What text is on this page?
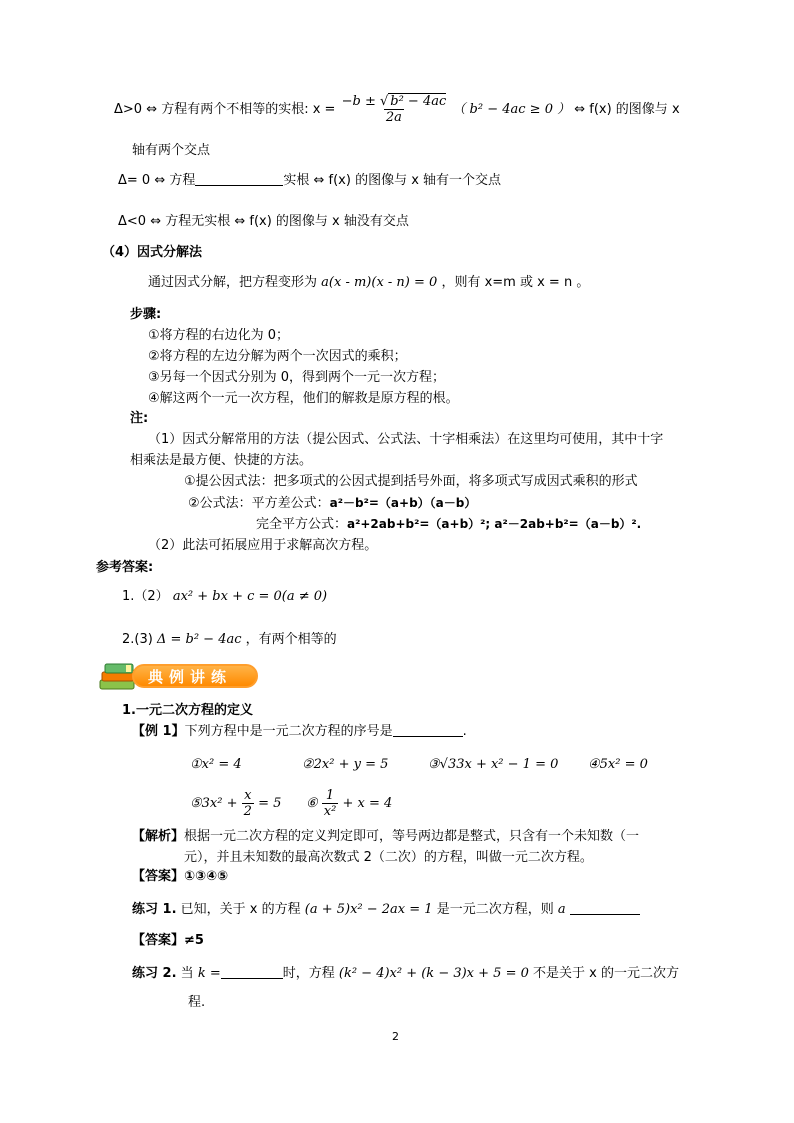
Δ>0 ⇔ 方程有两个不相等的实根: $x = \frac{\text{−b ± √ b² − 4ac}}{2a}$ （ b² − 4ac ≥ 0 ） ⇔ f(x) 的图像与 x
轴有两个交点
Δ= 0 ⇔ 方程	实根 ⇔ f(x) 的图像与 x 轴有一个交点
Δ<0 ⇔ 方程无实根 ⇔ f(x) 的图像与 x 轴没有交点
（4）因式分解法
通过因式分解，把方程变形为 a(x - m)(x - n) = 0 ，则有 x=m 或 x = n 。
步骤:
①将方程的右边化为 0；
②将方程的左边分解为两个一次因式的乘积；
③另每一个因式分别为 0，得到两个一元一次方程；
④解这两个一元一次方程，他们的解救是原方程的根。
注:
（1）因式分解常用的方法（提公因式、公式法、十字相乘法）在这里均可使用，其中十字
相乘法是最方便、快捷的方法。
①提公因式法：把多项式的公因式提到括号外面，将多项式写成因式乘积的形式
②公式法：平方差公式：a²－b²=（a+b）（a－b）
完全平方公式：a²+2ab+b²=（a+b）²; a²－2ab+b²=（a－b）².
（2）此法可拓展应用于求解高次方程。
参考答案:
1.（2） ax² + bx + c = 0(a ≠ 0)
2.(3) Δ = b² − 4ac ，有两个相等的
典例讲练
1.一元二次方程的定义
【例 1】下列方程中是一元二次方程的序号是	.
①x² = 4	②2x² + y = 5	③√33x + x² − 1 = 0 ④5x² = 0
⑤3x² + $\frac{x}{2} = 5$ ⑥ $\frac{1}{\text{x²}} + x = 4$
【解析】根据一元二次方程的定义判定即可，等号两边都是整式，只含有一个未知数（一
元），并且未知数的最高次数式 2（二次）的方程，叫做一元二次方程。
【答案】①③④⑤
练习 1. 已知，关于 x 的方程 (a + 5)x² − 2ax = 1 是一元二次方程，则 a
【答案】≠5
练习 2. 当 k =	时，方程 (k² − 4)x² + (k − 3)x + 5 = 0 不是关于 x 的一元二次方
程.
2
